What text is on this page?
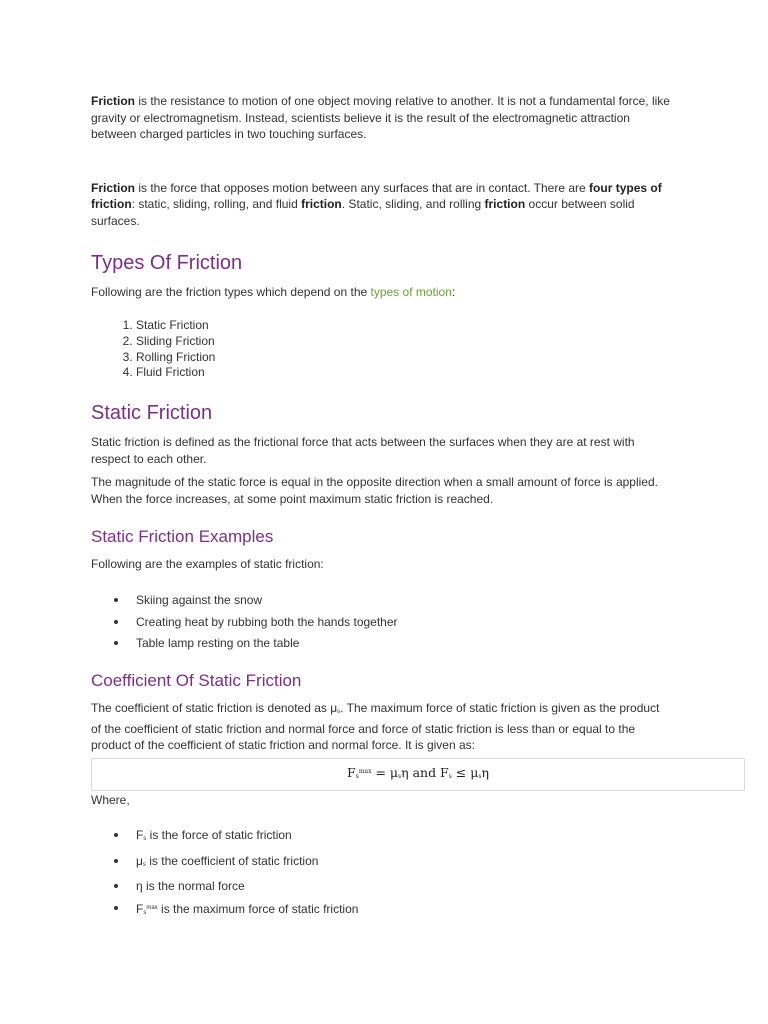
Friction is the resistance to motion of one object moving relative to another. It is not a fundamental force, like gravity or electromagnetism. Instead, scientists believe it is the result of the electromagnetic attraction between charged particles in two touching surfaces.

Friction is the force that opposes motion between any surfaces that are in contact. There are four types of friction: static, sliding, rolling, and fluid friction. Static, sliding, and rolling friction occur between solid surfaces.

Types Of Friction

Following are the friction types which depend on the types of motion:

1. Static Friction
2. Sliding Friction
3. Rolling Friction
4. Fluid Friction
Static Friction

Static friction is defined as the frictional force that acts between the surfaces when they are at rest with respect to each other.

The magnitude of the static force is equal in the opposite direction when a small amount of force is applied. When the force increases, at some point maximum static friction is reached.

Static Friction Examples

Following are the examples of static friction:

Skiing against the snow
Creating heat by rubbing both the hands together
Table lamp resting on the table
Coefficient Of Static Friction

The coefficient of static friction is denoted as $\mu_s$. The maximum force of static friction is given as the product of the coefficient of static friction and normal force and force of static friction is less than or equal to the product of the coefficient of static friction and normal force. It is given as:

$F_s^{max} = \mu_s\eta$ and $F_s \le \mu_s\eta$

Where,

$F_s$ is the force of static friction
$\mu_s$ is the coefficient of static friction
η is the normal force
$F_s^{max}$ is the maximum force of static friction
